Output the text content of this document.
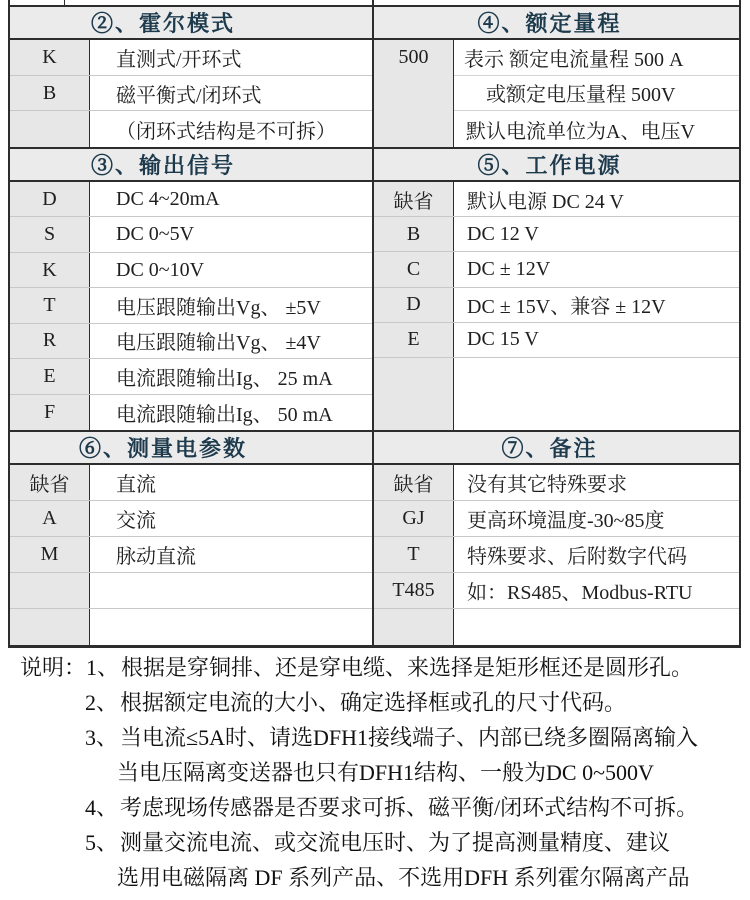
②、霍尔模式
K	直测式/开环式
B	磁平衡式/闭环式
（闭环式结构是不可拆）
③、输出信号
D	DC 4~20mA
S	DC 0~5V
K	DC 0~10V
T	电压跟随输出Vg、 ±5V
R	电压跟随输出Vg、 ±4V
E	电流跟随输出Ig、 25 mA
F	电流跟随输出Ig、 50 mA
⑥、测量电参数
缺省	直流
A	交流
M	脉动直流
④、额定量程
500	表示 额定电流量程 500 A
或额定电压量程 500V
默认电流单位为A、电压V
⑤、工作电源
缺省	默认电源 DC 24 V
B	DC 12 V
C	DC ± 12V
D	DC ± 15V、兼容 ± 12V
E	DC 15 V
⑦、备注
缺省	没有其它特殊要求
GJ	更高环境温度-30~85度
T	特殊要求、后附数字代码
T485	如：RS485、Modbus-RTU
说明：1、根据是穿铜排、还是穿电缆、来选择是矩形框还是圆形孔。
2、根据额定电流的大小、确定选择框或孔的尺寸代码。
3、当电流≤5A时、请选DFH1接线端子、内部已绕多圈隔离输入
当电压隔离变送器也只有DFH1结构、一般为DC 0~500V
4、考虑现场传感器是否要求可拆、磁平衡/闭环式结构不可拆。
5、测量交流电流、或交流电压时、为了提高测量精度、建议
选用电磁隔离 DF 系列产品、不选用DFH 系列霍尔隔离产品
